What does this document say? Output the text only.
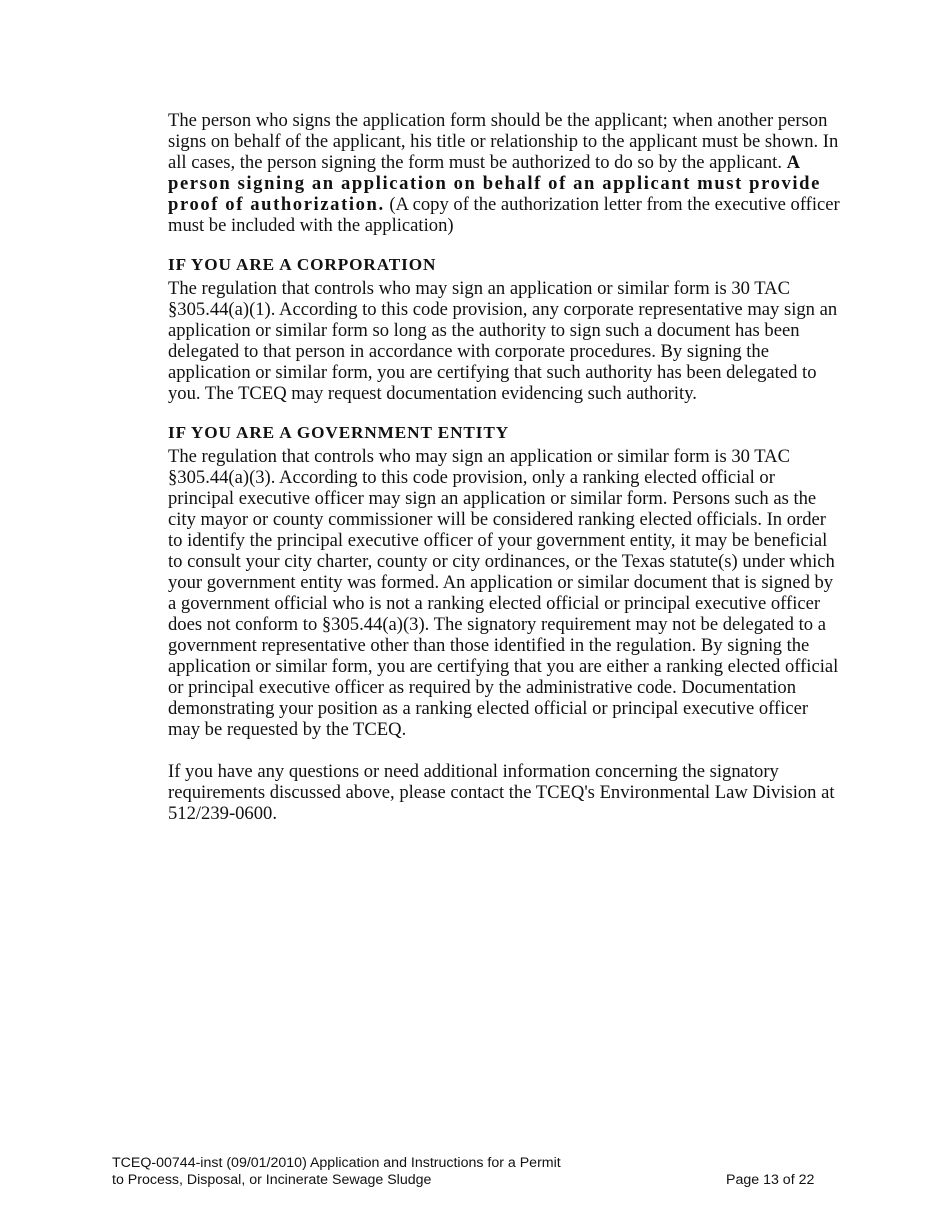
The person who signs the application form should be the applicant; when another person signs on behalf of the applicant, his title or relationship to the applicant must be shown. In all cases, the person signing the form must be authorized to do so by the applicant. A person signing an application on behalf of an applicant must provide proof of authorization. (A copy of the authorization letter from the executive officer must be included with the application)

IF YOU ARE A CORPORATION

The regulation that controls who may sign an application or similar form is 30 TAC §305.44(a)(1). According to this code provision, any corporate representative may sign an application or similar form so long as the authority to sign such a document has been delegated to that person in accordance with corporate procedures. By signing the application or similar form, you are certifying that such authority has been delegated to you. The TCEQ may request documentation evidencing such authority.

IF YOU ARE A GOVERNMENT ENTITY

The regulation that controls who may sign an application or similar form is 30 TAC §305.44(a)(3). According to this code provision, only a ranking elected official or principal executive officer may sign an application or similar form. Persons such as the city mayor or county commissioner will be considered ranking elected officials. In order to identify the principal executive officer of your government entity, it may be beneficial to consult your city charter, county or city ordinances, or the Texas statute(s) under which your government entity was formed. An application or similar document that is signed by a government official who is not a ranking elected official or principal executive officer does not conform to §305.44(a)(3). The signatory requirement may not be delegated to a government representative other than those identified in the regulation. By signing the application or similar form, you are certifying that you are either a ranking elected official or principal executive officer as required by the administrative code. Documentation demonstrating your position as a ranking elected official or principal executive officer may be requested by the TCEQ.

If you have any questions or need additional information concerning the signatory requirements discussed above, please contact the TCEQ's Environmental Law Division at 512/239-0600.

TCEQ-00744-inst (09/01/2010) Application and Instructions for a Permit
to Process, Disposal, or Incinerate Sewage Sludge	Page 13 of 22
